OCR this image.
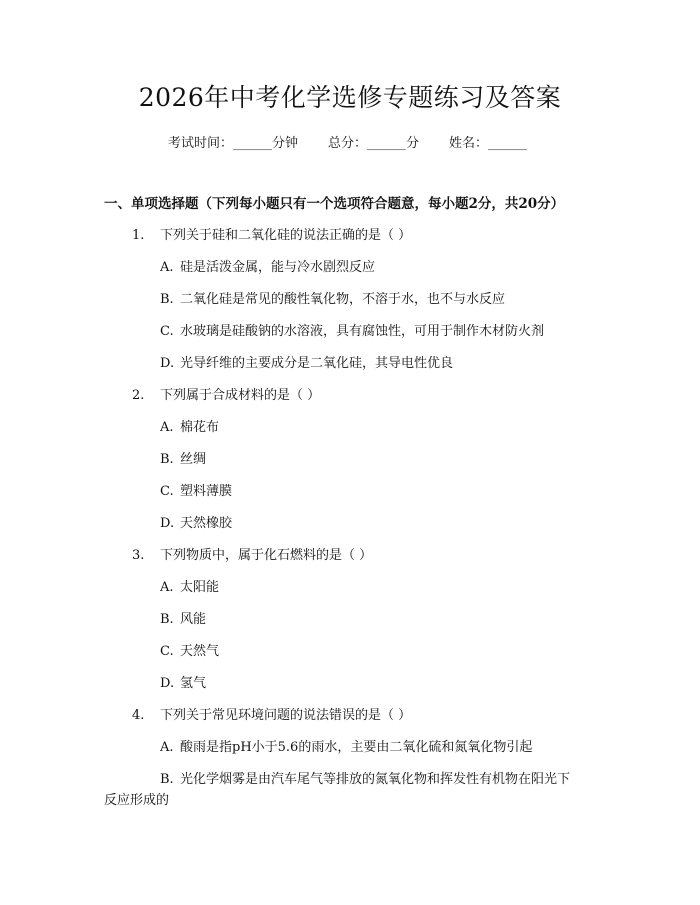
2026年中考化学选修专题练习及答案
考试时间：______分钟 总分：______分 姓名：______
一、单项选择题（下列每小题只有一个选项符合题意，每小题2分，共20分）
1. 下列关于硅和二氧化硅的说法正确的是（ ）
A. 硅是活泼金属，能与冷水剧烈反应
B. 二氧化硅是常见的酸性氧化物，不溶于水，也不与水反应
C. 水玻璃是硅酸钠的水溶液，具有腐蚀性，可用于制作木材防火剂
D. 光导纤维的主要成分是二氧化硅，其导电性优良
2. 下列属于合成材料的是（ ）
A. 棉花布
B. 丝绸
C. 塑料薄膜
D. 天然橡胶
3. 下列物质中，属于化石燃料的是（ ）
A. 太阳能
B. 风能
C. 天然气
D. 氢气
4. 下列关于常见环境问题的说法错误的是（ ）
A. 酸雨是指pH小于5.6的雨水，主要由二氧化硫和氮氧化物引起
B. 光化学烟雾是由汽车尾气等排放的氮氧化物和挥发性有机物在阳光下
反应形成的
